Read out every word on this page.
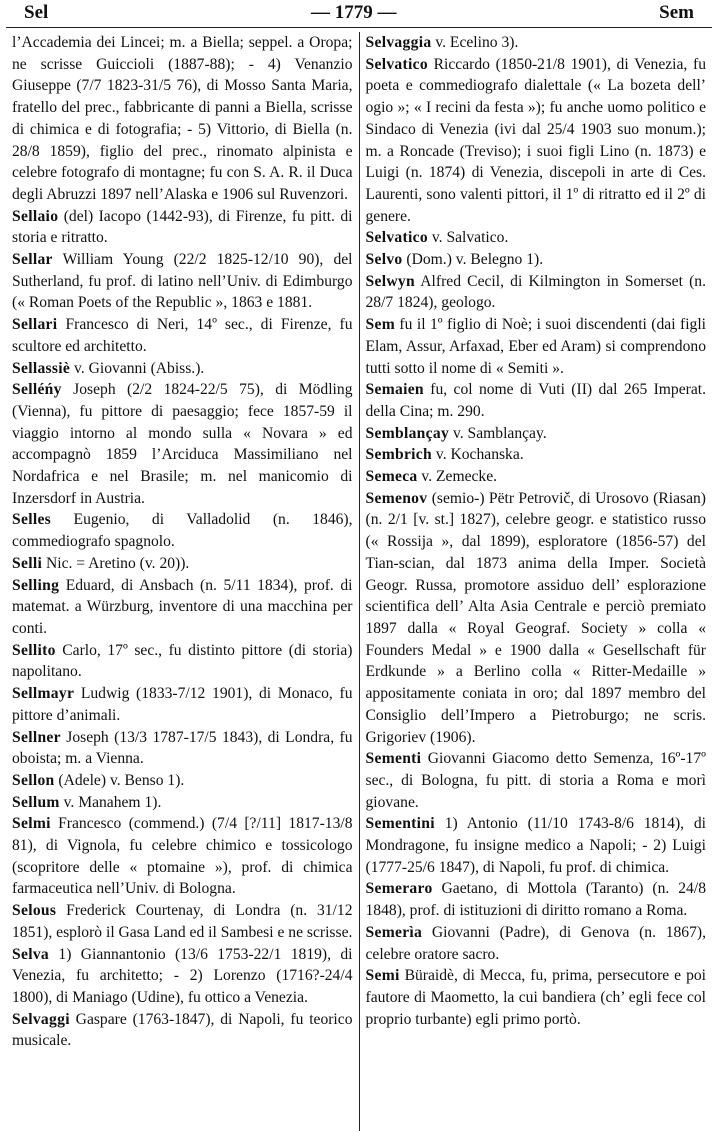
Sel	— 1779 —	Sem

l’Accademia dei Lincei; m. a Biella; seppel. a Oropa; ne scrisse Guiccioli (1887-88); - 4) Venanzio Giuseppe (7/7 1823-31/5 76), di Mosso Santa Maria, fratello del prec., fabbricante di panni a Biella, scrisse di chimica e di fotografia; - 5) Vittorio, di Biella (n. 28/8 1859), figlio del prec., rinomato alpinista e celebre fotografo di montagne; fu con S. A. R. il Duca degli Abruzzi 1897 nell’Alaska e 1906 sul Ruvenzori.

Sellaio (del) Iacopo (1442-93), di Firenze, fu pitt. di storia e ritratto.

Sellar William Young (22/2 1825-12/10 90), del Sutherland, fu prof. di latino nell’Univ. di Edimburgo (« Roman Poets of the Republic », 1863 e 1881.

Sellari Francesco di Neri, 14º sec., di Firenze, fu scultore ed architetto.

Sellassiè v. Giovanni (Abiss.).

Selléńy Joseph (2/2 1824-22/5 75), di Mödling (Vienna), fu pittore di paesaggio; fece 1857-59 il viaggio intorno al mondo sulla « Novara » ed accompagnò 1859 l’Arciduca Massimiliano nel Nordafrica e nel Brasile; m. nel manicomio di Inzersdorf in Austria.

Selles Eugenio, di Valladolid (n. 1846), commediografo spagnolo.

Selli Nic. = Aretino (v. 20)).

Selling Eduard, di Ansbach (n. 5/11 1834), prof. di matemat. a Würzburg, inventore di una macchina per conti.

Sellito Carlo, 17º sec., fu distinto pittore (di storia) napolitano.

Sellmayr Ludwig (1833-7/12 1901), di Monaco, fu pittore d’animali.

Sellner Joseph (13/3 1787-17/5 1843), di Londra, fu oboista; m. a Vienna.

Sellon (Adele) v. Benso 1).

Sellum v. Manahem 1).

Selmi Francesco (commend.) (7/4 [?/11] 1817-13/8 81), di Vignola, fu celebre chimico e tossicologo (scopritore delle « ptomaine »), prof. di chimica farmaceutica nell’Univ. di Bologna.

Selous Frederick Courtenay, di Londra (n. 31/12 1851), esplorò il Gasa Land ed il Sambesi e ne scrisse.

Selva 1) Giannantonio (13/6 1753-22/1 1819), di Venezia, fu architetto; - 2) Lorenzo (1716?-24/4 1800), di Maniago (Udine), fu ottico a Venezia.

Selvaggi Gaspare (1763-1847), di Napoli, fu teorico musicale.

Selvaggia v. Ecelino 3).

Selvatico Riccardo (1850-21/8 1901), di Venezia, fu poeta e commediografo dialettale (« La bozeta dell’ ogio »; « I recini da festa »); fu anche uomo politico e Sindaco di Venezia (ivi dal 25/4 1903 suo monum.); m. a Roncade (Treviso); i suoi figli Lino (n. 1873) e Luigi (n. 1874) di Venezia, discepoli in arte di Ces. Laurenti, sono valenti pittori, il 1º di ritratto ed il 2º di genere.

Selvatico v. Salvatico.

Selvo (Dom.) v. Belegno 1).

Selwyn Alfred Cecil, di Kilmington in Somerset (n. 28/7 1824), geologo.

Sem fu il 1º figlio di Noè; i suoi discendenti (dai figli Elam, Assur, Arfaxad, Eber ed Aram) si comprendono tutti sotto il nome di « Semiti ».

Semaien fu, col nome di Vuti (II) dal 265 Imperat. della Cina; m. 290.

Semblançay v. Samblançay.

Sembrich v. Kochanska.

Semeca v. Zemecke.

Semenov (semio-) Pëtr Petrovič, di Urosovo (Riasan) (n. 2/1 [v. st.] 1827), celebre geogr. e statistico russo (« Rossija », dal 1899), esploratore (1856-57) del Tian-scian, dal 1873 anima della Imper. Società Geogr. Russa, promotore assiduo dell’ esplorazione scientifica dell’ Alta Asia Centrale e perciò premiato 1897 dalla « Royal Geograf. Society » colla « Founders Medal » e 1900 dalla « Gesellschaft für Erdkunde » a Berlino colla « Ritter-Medaille » appositamente coniata in oro; dal 1897 membro del Consiglio dell’Impero a Pietroburgo; ne scris. Grigoriev (1906).

Sementi Giovanni Giacomo detto Semenza, 16º-17º sec., di Bologna, fu pitt. di storia a Roma e morì giovane.

Sementini 1) Antonio (11/10 1743-8/6 1814), di Mondragone, fu insigne medico a Napoli; - 2) Luigi (1777-25/6 1847), di Napoli, fu prof. di chimica.

Semeraro Gaetano, di Mottola (Taranto) (n. 24/8 1848), prof. di istituzioni di diritto romano a Roma.

Semerìa Giovanni (Padre), di Genova (n. 1867), celebre oratore sacro.

Semi Büraidè, di Mecca, fu, prima, persecutore e poi fautore di Maometto, la cui bandiera (ch’ egli fece col proprio turbante) egli primo portò.
